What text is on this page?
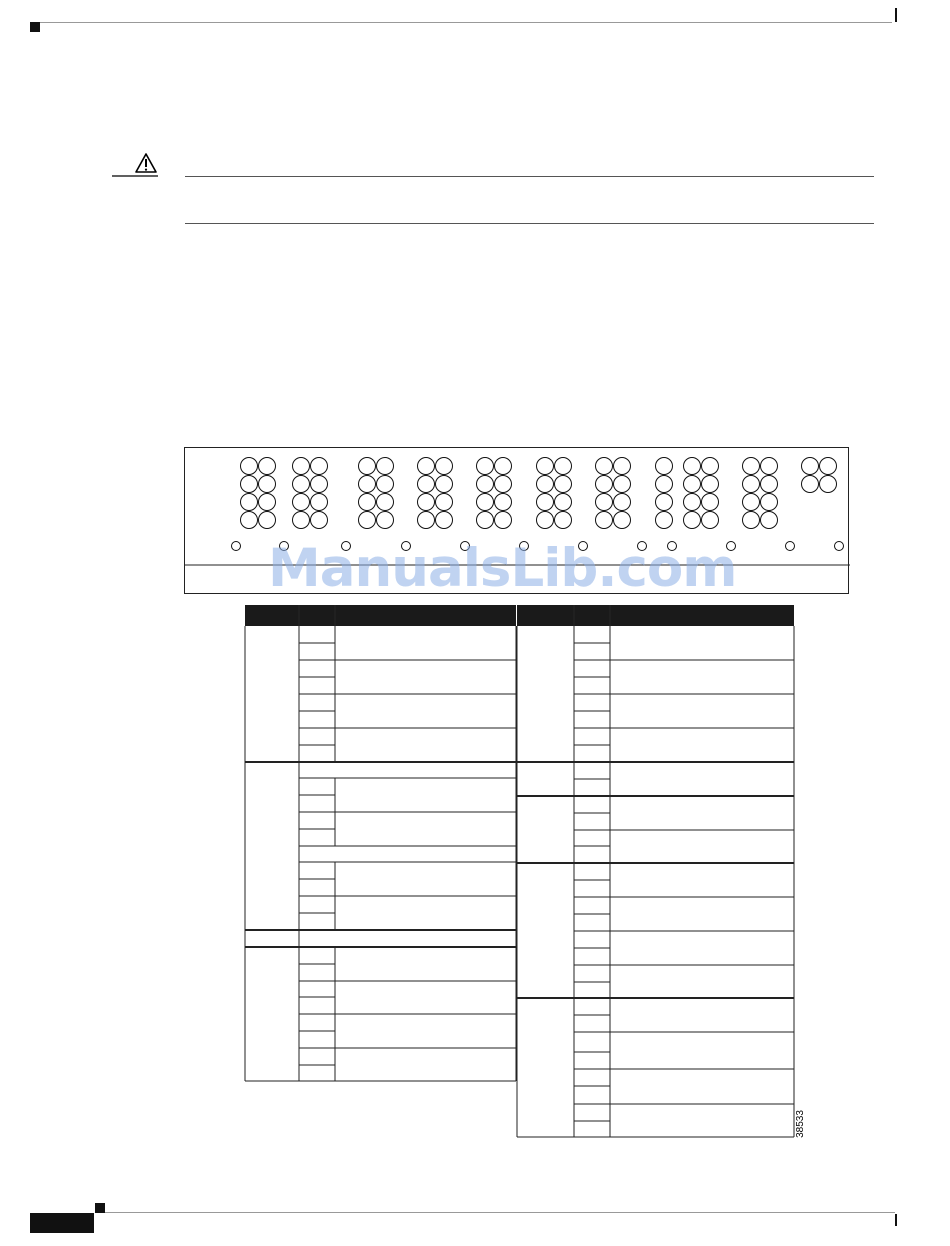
ManualsLib.com

38533
